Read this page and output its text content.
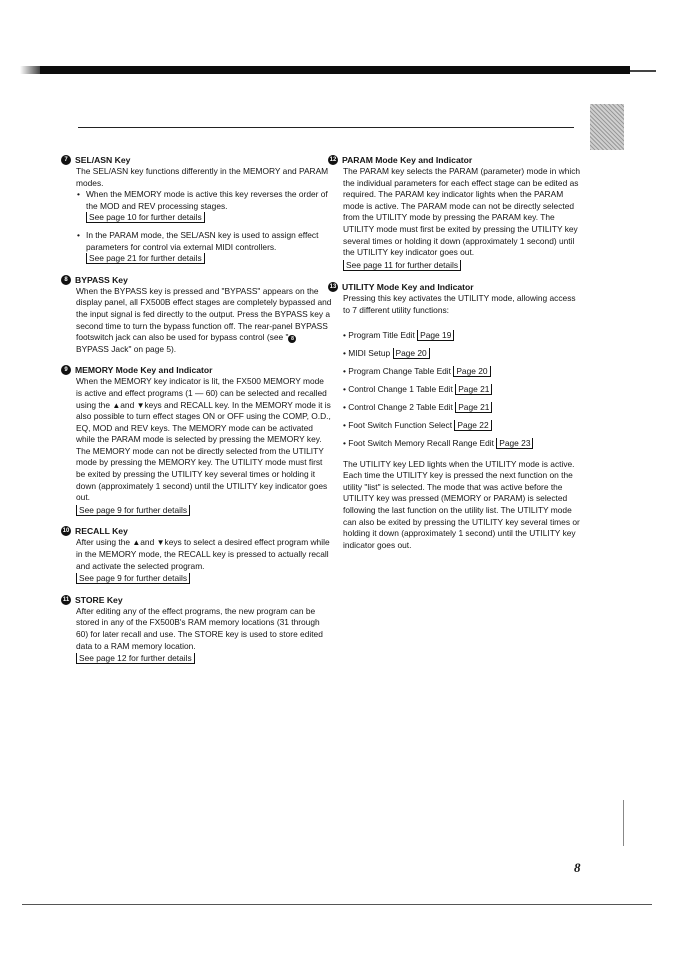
7 SEL/ASN Key

The SEL/ASN key functions differently in the MEMORY and PARAM modes.

• When the MEMORY mode is active this key reverses the order of the MOD and REV processing stages.
See page 10 for further details
• In the PARAM mode, the SEL/ASN key is used to assign effect parameters for control via external MIDI controllers.
See page 21 for further details
8 BYPASS Key

When the BYPASS key is pressed and "BYPASS" appears on the display panel, all FX500B effect stages are completely bypassed and the input signal is fed directly to the output. Press the BYPASS key a second time to turn the bypass function off. The rear-panel BYPASS footswitch jack can also be used for bypass control (see " 8 BYPASS Jack" on page 5).

9 MEMORY Mode Key and Indicator

When the MEMORY key indicator is lit, the FX500 MEMORY mode is active and effect programs (1 — 60) can be selected and recalled using the ▲and ▼keys and RECALL key. In the MEMORY mode it is also possible to turn effect stages ON or OFF using the COMP, O.D., EQ, MOD and REV keys. The MEMORY mode can be activated while the PARAM mode is selected by pressing the MEMORY key. The MEMORY mode can not be directly selected from the UTILITY mode by pressing the MEMORY key. The UTILITY mode must first be exited by pressing the UTILITY key several times or holding it down (approximately 1 second) until the UTILITY key indicator goes out.

See page 9 for further details
10 RECALL Key

After using the ▲and ▼keys to select a desired effect program while in the MEMORY mode, the RECALL key is pressed to actually recall and activate the selected program.

See page 9 for further details
11 STORE Key

After editing any of the effect programs, the new program can be stored in any of the FX500B's RAM memory locations (31 through 60) for later recall and use. The STORE key is used to store edited data to a RAM memory location.

See page 12 for further details
12 PARAM Mode Key and Indicator

The PARAM key selects the PARAM (parameter) mode in which the individual parameters for each effect stage can be edited as required. The PARAM key indicator lights when the PARAM mode is active. The PARAM mode can not be directly selected from the UTILITY mode by pressing the PARAM key. The UTILITY mode must first be exited by pressing the UTILITY key several times or holding it down (approximately 1 second) until the UTILITY key indicator goes out.

See page 11 for further details
13 UTILITY Mode Key and Indicator

Pressing this key activates the UTILITY mode, allowing access to 7 different utility functions:

• Program Title Edit Page 19
• MIDI Setup Page 20
• Program Change Table Edit Page 20
• Control Change 1 Table Edit Page 21
• Control Change 2 Table Edit Page 21
• Foot Switch Function Select Page 22
• Foot Switch Memory Recall Range Edit Page 23

The UTILITY key LED lights when the UTILITY mode is active. Each time the UTILITY key is pressed the next function on the utility "list" is selected. The mode that was active before the UTILITY key was pressed (MEMORY or PARAM) is selected following the last function on the utility list. The UTILITY mode can also be exited by pressing the UTILITY key several times or holding it down (approximately 1 second) until the UTILITY key indicator goes out.

8
